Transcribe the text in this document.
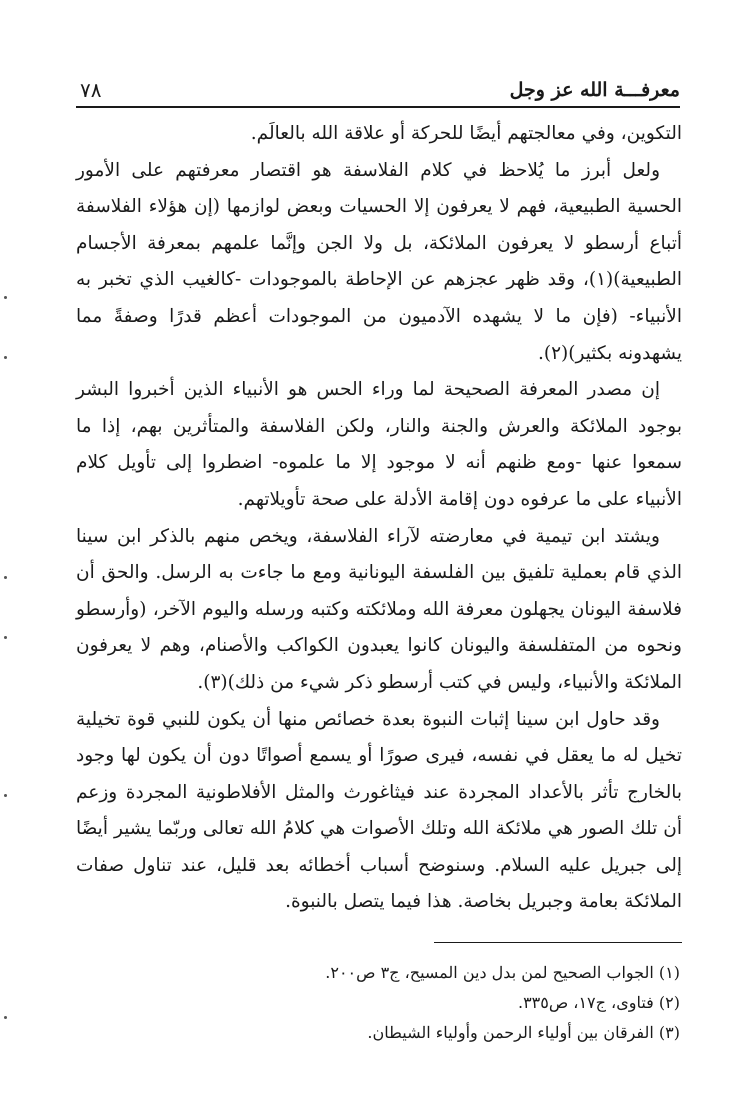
معرفـــة الله عز وجل
٧٨

التكوين، وفي معالجتهم أيضًا للحركة أو علاقة الله بالعالَم.

ولعل أبرز ما يُلاحظ في كلام الفلاسفة هو اقتصار معرفتهم على الأمور الحسية الطبيعية، فهم لا يعرفون إلا الحسيات وبعض لوازمها (إن هؤلاء الفلاسفة أتباع أرسطو لا يعرفون الملائكة، بل ولا الجن وإنَّما علمهم بمعرفة الأجسام الطبيعية)(١)، وقد ظهر عجزهم عن الإحاطة بالموجودات -كالغيب الذي تخبر به الأنبياء- (فإن ما لا يشهده الآدميون من الموجودات أعظم قدرًا وصفةً مما يشهدونه بكثير)(٢).

إن مصدر المعرفة الصحيحة لما وراء الحس هو الأنبياء الذين أخبروا البشر بوجود الملائكة والعرش والجنة والنار، ولكن الفلاسفة والمتأثرين بهم، إذا ما سمعوا عنها -ومع ظنهم أنه لا موجود إلا ما علموه- اضطروا إلى تأويل كلام الأنبياء على ما عرفوه دون إقامة الأدلة على صحة تأويلاتهم.

ويشتد ابن تيمية في معارضته لآراء الفلاسفة، ويخص منهم بالذكر ابن سينا الذي قام بعملية تلفيق بين الفلسفة اليونانية ومع ما جاءت به الرسل. والحق أن فلاسفة اليونان يجهلون معرفة الله وملائكته وكتبه ورسله واليوم الآخر، (وأرسطو ونحوه من المتفلسفة واليونان كانوا يعبدون الكواكب والأصنام، وهم لا يعرفون الملائكة والأنبياء، وليس في كتب أرسطو ذكر شيء من ذلك)(٣).

وقد حاول ابن سينا إثبات النبوة بعدة خصائص منها أن يكون للنبي قوة تخيلية تخيل له ما يعقل في نفسه، فيرى صورًا أو يسمع أصواتًا دون أن يكون لها وجود بالخارج تأثر بالأعداد المجردة عند فيثاغورث والمثل الأفلاطونية المجردة وزعم أن تلك الصور هي ملائكة الله وتلك الأصوات هي كلامُ الله تعالى وربّما يشير أيضًا إلى جبريل عليه السلام. وسنوضح أسباب أخطائه بعد قليل، عند تناول صفات الملائكة بعامة وجبريل بخاصة. هذا فيما يتصل بالنبوة.

(١) الجواب الصحيح لمن بدل دين المسيح، ج٣ ص٢٠٠.
(٢) فتاوى، ج١٧، ص٣٣٥.
(٣) الفرقان بين أولياء الرحمن وأولياء الشيطان.
